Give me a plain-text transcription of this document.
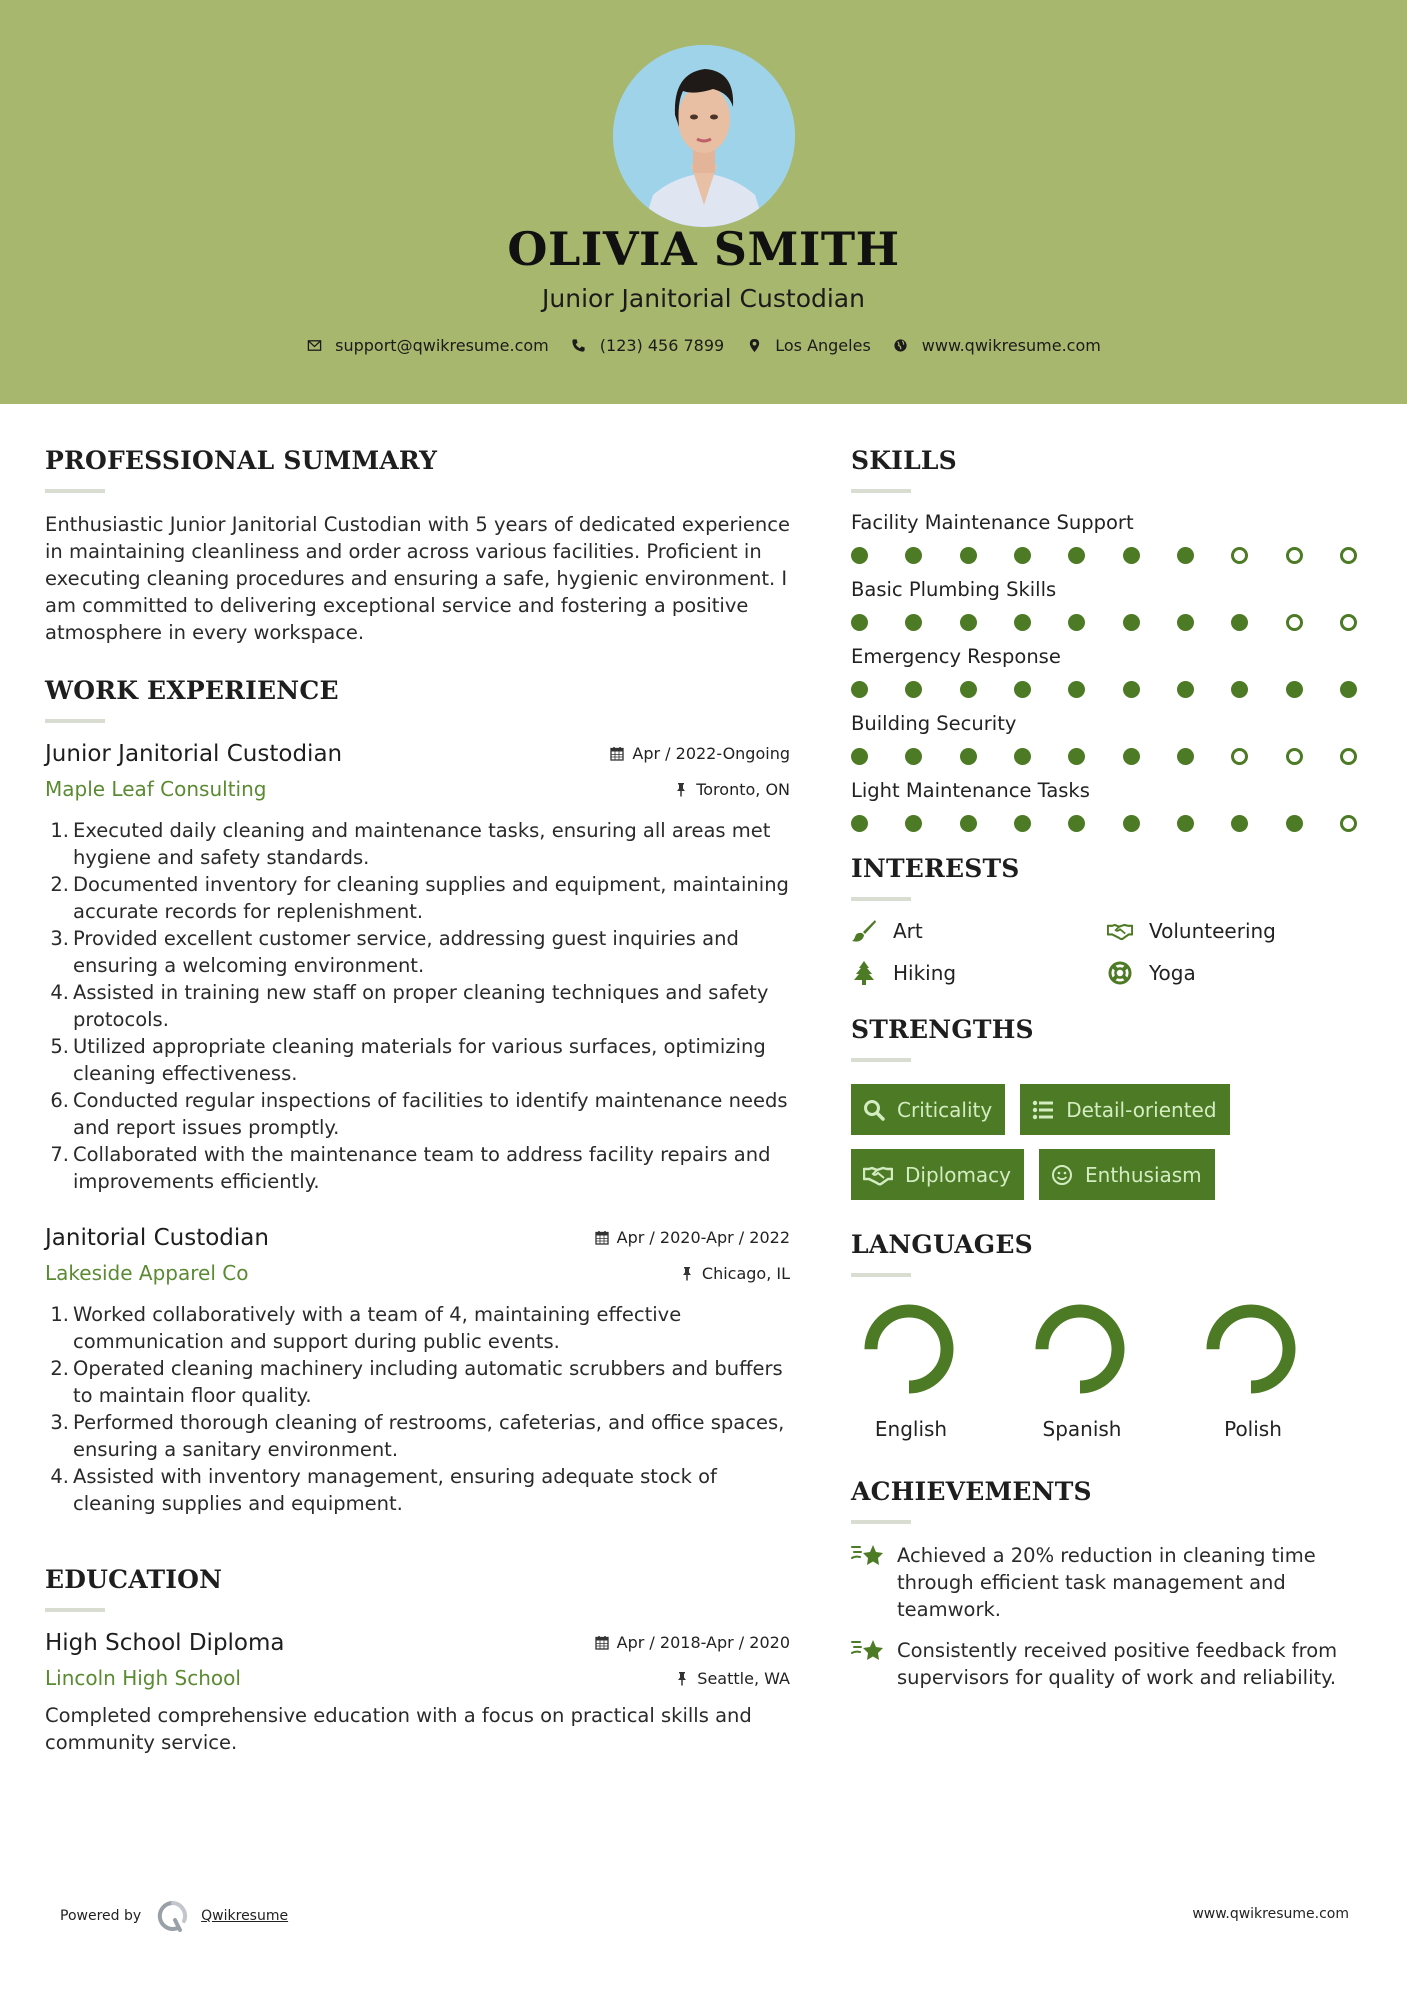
OLIVIA SMITH
Junior Janitorial Custodian
support@qwikresume.com	(123) 456 7899	Los Angeles	www.qwikresume.com
PROFESSIONAL SUMMARY

Enthusiastic Junior Janitorial Custodian with 5 years of dedicated experience in maintaining cleanliness and order across various facilities. Proficient in executing cleaning procedures and ensuring a safe, hygienic environment. I am committed to delivering exceptional service and fostering a positive atmosphere in every workspace.

WORK EXPERIENCE
Junior Janitorial Custodian	Apr / 2022-Ongoing
Maple Leaf Consulting	Toronto, ON
1. Executed daily cleaning and maintenance tasks, ensuring all areas met hygiene and safety standards.
2. Documented inventory for cleaning supplies and equipment, maintaining accurate records for replenishment.
3. Provided excellent customer service, addressing guest inquiries and ensuring a welcoming environment.
4. Assisted in training new staff on proper cleaning techniques and safety protocols.
5. Utilized appropriate cleaning materials for various surfaces, optimizing cleaning effectiveness.
6. Conducted regular inspections of facilities to identify maintenance needs and report issues promptly.
7. Collaborated with the maintenance team to address facility repairs and improvements efficiently.
Janitorial Custodian	Apr / 2020-Apr / 2022
Lakeside Apparel Co	Chicago, IL
1. Worked collaboratively with a team of 4, maintaining effective communication and support during public events.
2. Operated cleaning machinery including automatic scrubbers and buffers to maintain floor quality.
3. Performed thorough cleaning of restrooms, cafeterias, and office spaces, ensuring a sanitary environment.
4. Assisted with inventory management, ensuring adequate stock of cleaning supplies and equipment.
EDUCATION
High School Diploma	Apr / 2018-Apr / 2020
Lincoln High School	Seattle, WA

Completed comprehensive education with a focus on practical skills and community service.

SKILLS
Facility Maintenance Support
Basic Plumbing Skills
Emergency Response
Building Security
Light Maintenance Tasks
INTERESTS
Art	Volunteering
Hiking	Yoga
STRENGTHS
Criticality	Detail-oriented
Diplomacy	Enthusiasm
LANGUAGES
English	Spanish	Polish
ACHIEVEMENTS
Achieved a 20% reduction in cleaning time through efficient task management and teamwork.
Consistently received positive feedback from supervisors for quality of work and reliability.
Powered by	Qwikresume	www.qwikresume.com
